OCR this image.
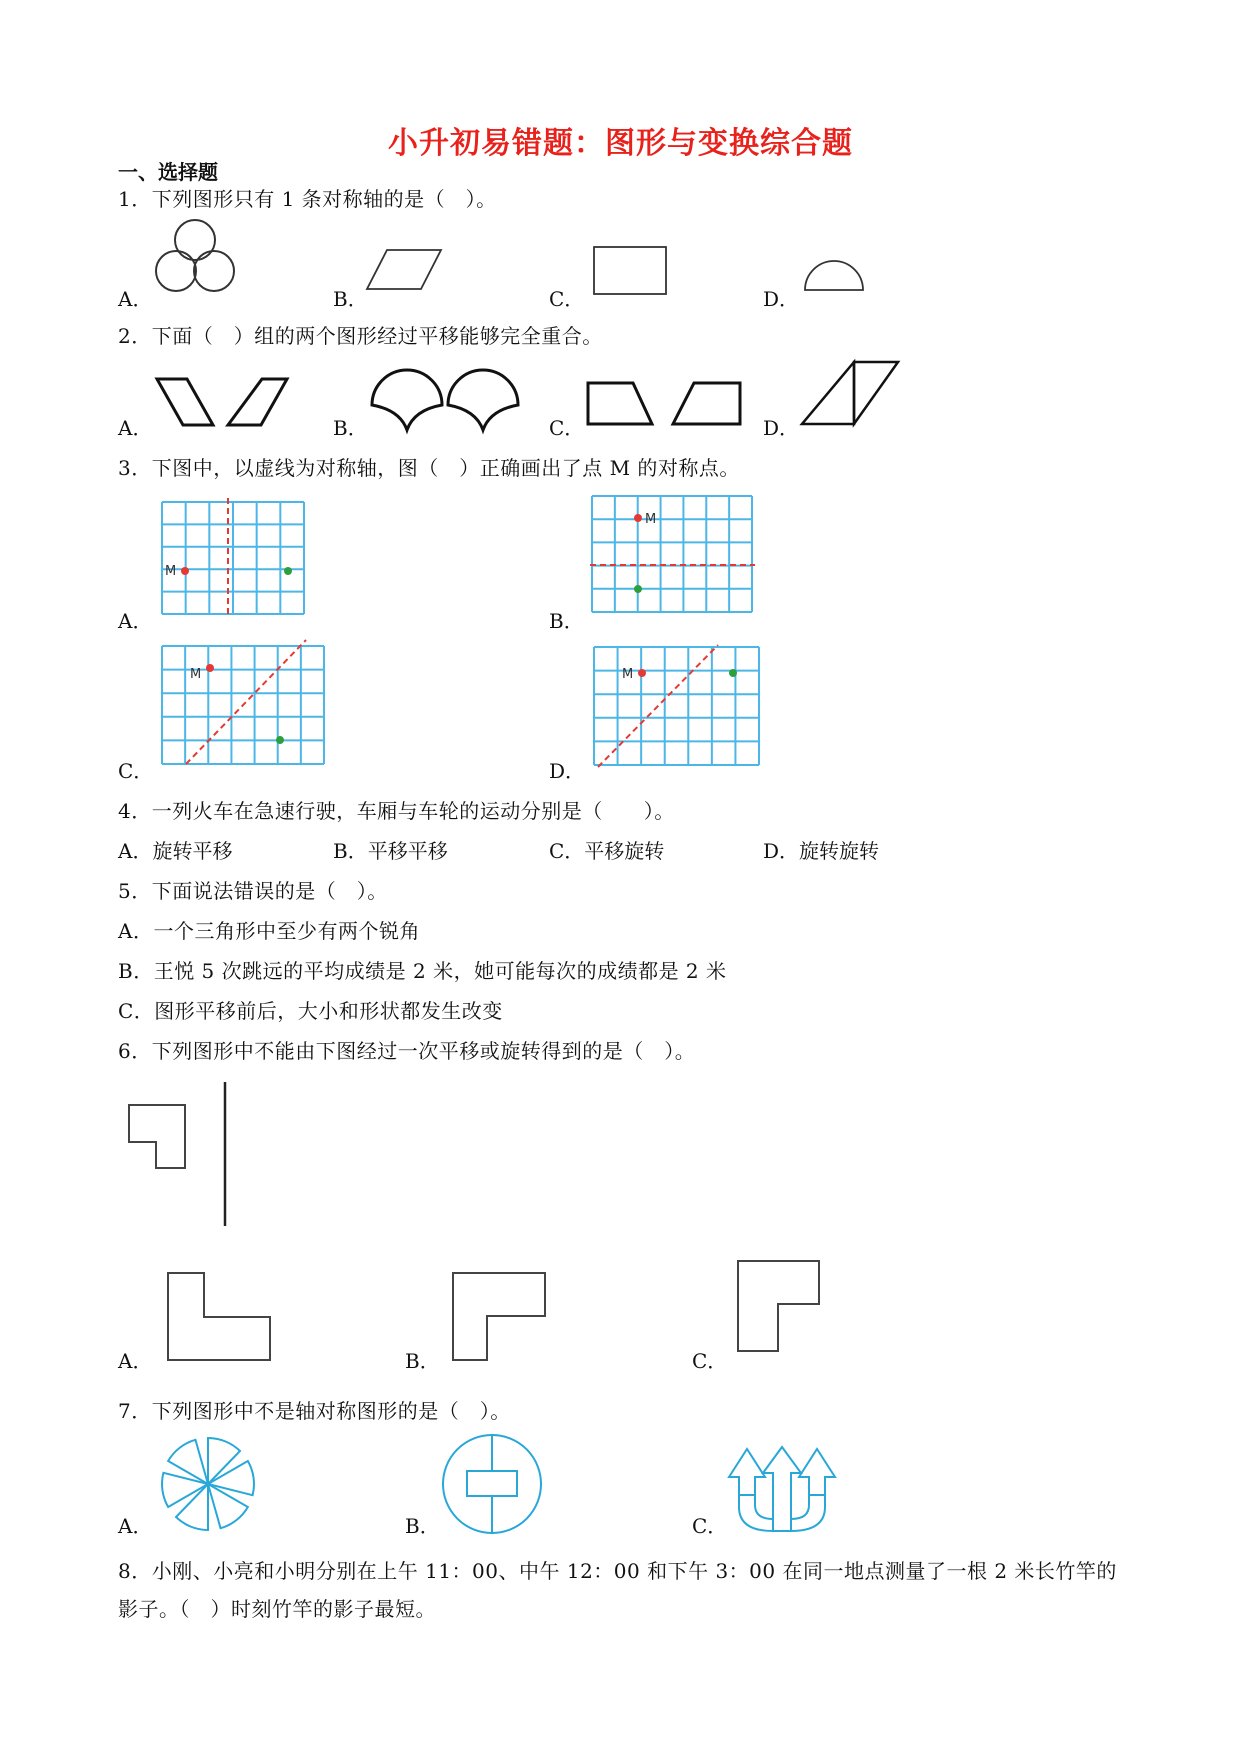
小升初易错题：图形与变换综合题
一、选择题
1．下列图形只有 1 条对称轴的是（　）。
A．	B．	C．	D．
2．下面（　）组的两个图形经过平移能够完全重合。
A．	B．	C．	D．
3．下图中，以虚线为对称轴，图（　）正确画出了点 M 的对称点。
A．	B．
C．	D．
M
M
M	M
4．一列火车在急速行驶，车厢与车轮的运动分别是（　　）。
A．旋转平移	B．平移平移	C．平移旋转	D．旋转旋转
5．下面说法错误的是（　）。
A．一个三角形中至少有两个锐角
B．王悦 5 次跳远的平均成绩是 2 米，她可能每次的成绩都是 2 米
C．图形平移前后，大小和形状都发生改变
6．下列图形中不能由下图经过一次平移或旋转得到的是（　）。
A．	B．	C．
7．下列图形中不是轴对称图形的是（　）。
A．	B．	C．
8．小刚、小亮和小明分别在上午 11：00、中午 12：00 和下午 3：00 在同一地点测量了一根 2 米长竹竿的
影子。（　）时刻竹竿的影子最短。
